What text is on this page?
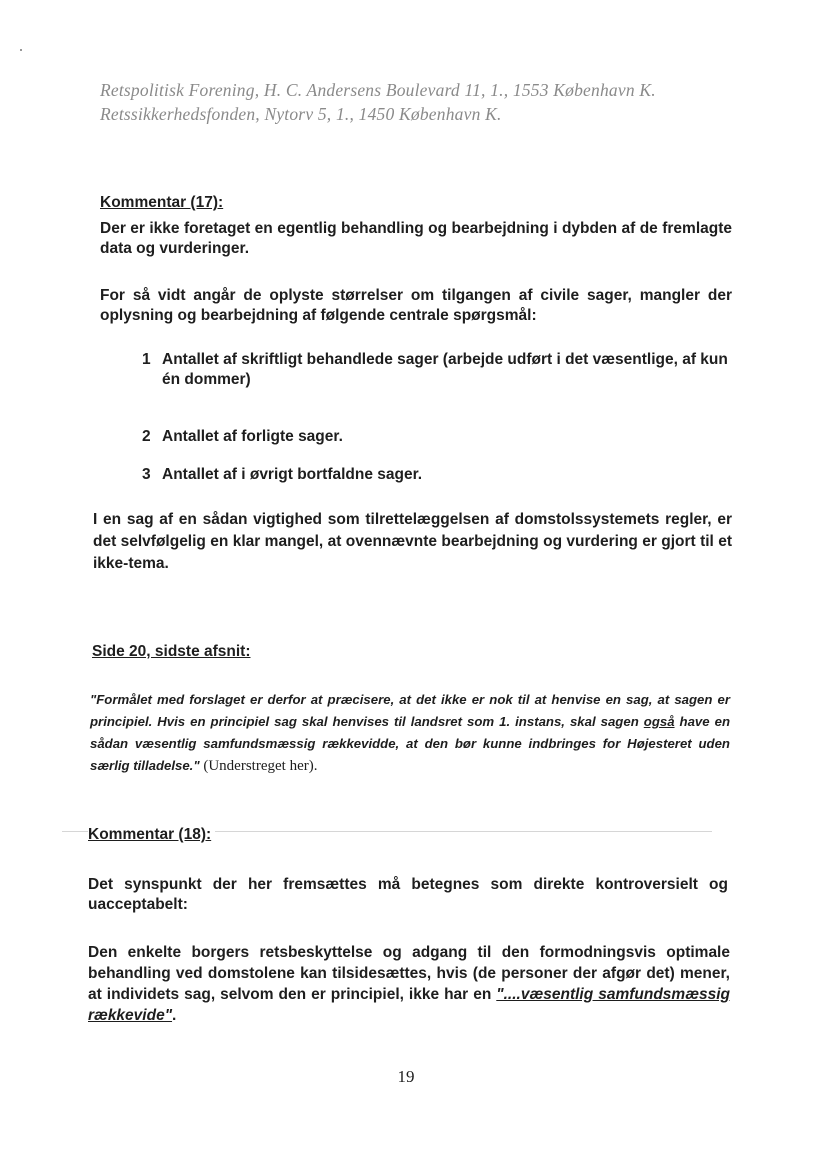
Retspolitisk Forening, H. C. Andersens Boulevard 11, 1., 1553 København K.
Retssikkerhedsfonden, Nytorv 5, 1., 1450 København K.
Kommentar (17):
Der er ikke foretaget en egentlig behandling og bearbejdning i dybden af de fremlagte data og vurderinger.
For så vidt angår de oplyste størrelser om tilgangen af civile sager, mangler der oplysning og bearbejdning af følgende centrale spørgsmål:
1 Antallet af skriftligt behandlede sager (arbejde udført i det væsentlige, af kun én dommer)
2 Antallet af forligte sager.
3 Antallet af i øvrigt bortfaldne sager.
I en sag af en sådan vigtighed som tilrettelæggelsen af domstolssystemets regler, er det selvfølgelig en klar mangel, at ovennævnte bearbejdning og vurdering er gjort til et ikke-tema.
Side 20, sidste afsnit:
"Formålet med forslaget er derfor at præcisere, at det ikke er nok til at henvise en sag, at sagen er principiel. Hvis en principiel sag skal henvises til landsret som 1. instans, skal sagen også have en sådan væsentlig samfundsmæssig rækkevidde, at den bør kunne indbringes for Højesteret uden særlig tilladelse." (Understreget her).
Kommentar (18):
Det synspunkt der her fremsættes må betegnes som direkte kontroversielt og uacceptabelt:
Den enkelte borgers retsbeskyttelse og adgang til den formodningsvis optimale behandling ved domstolene kan tilsidesættes, hvis (de personer der afgør det) mener, at individets sag, selvom den er principiel, ikke har en "....væsentlig samfundsmæssig rækkevide".
19
